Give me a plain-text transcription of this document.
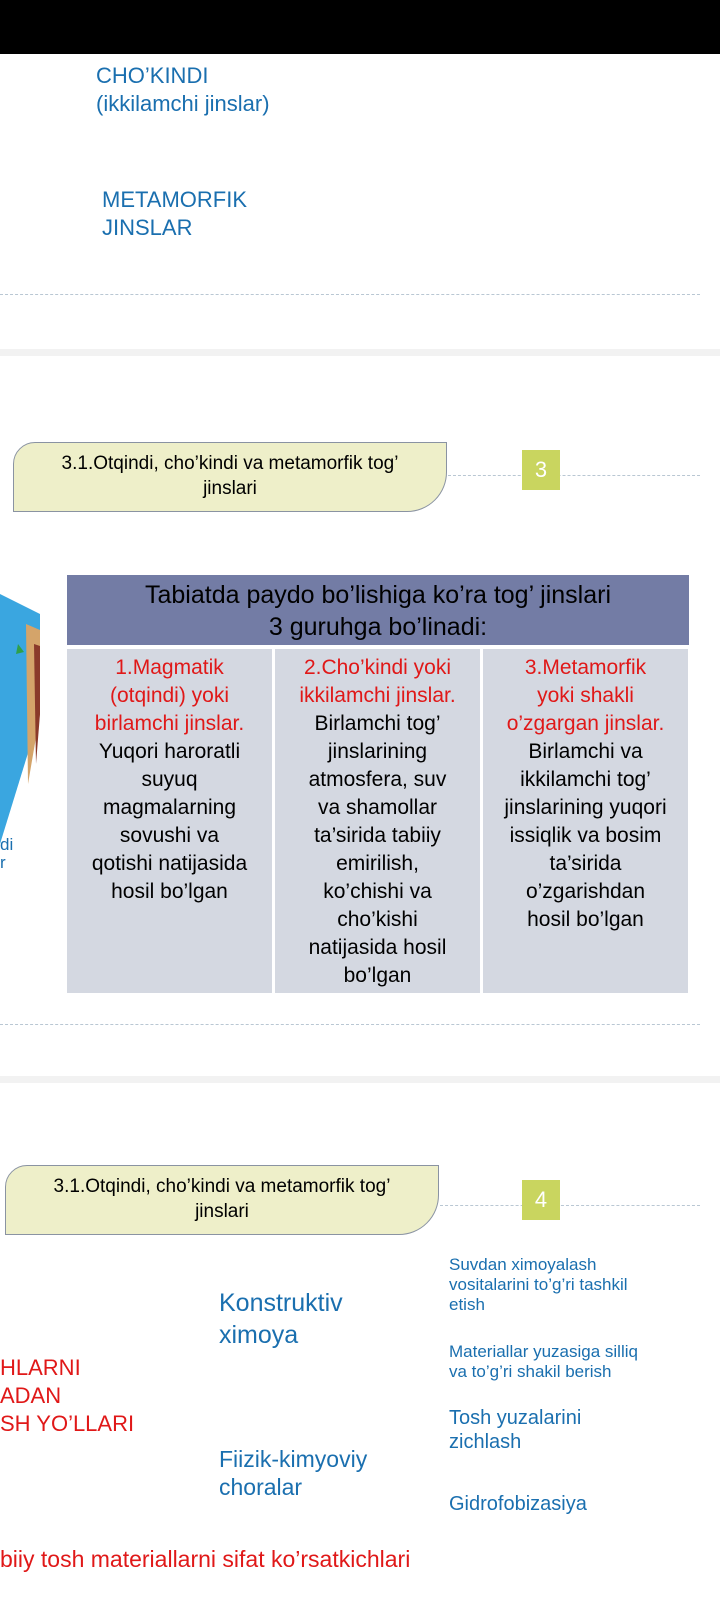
CHO’KINDI
(ikkilamchi jinslar)
METAMORFIK
JINSLAR
3.1.Otqindi, cho’kindi va metamorfik tog’
jinslari
3
di
r
Tabiatda paydo bo’lishiga ko’ra tog’ jinslari
3 guruhga bo’linadi:
1.Magmatik
(otqindi) yoki
birlamchi jinslar.
Yuqori haroratli
suyuq
magmalarning
sovushi va
qotishi natijasida
hosil bo’lgan
2.Cho’kindi yoki
ikkilamchi jinslar.
Birlamchi tog’
jinslarining
atmosfera, suv
va shamollar
ta’sirida tabiiy
emirilish,
ko’chishi va
cho’kishi
natijasida hosil
bo’lgan
3.Metamorfik
yoki shakli
o’zgargan jinslar.
Birlamchi va
ikkilamchi tog’
jinslarining yuqori
issiqlik va bosim
ta’sirida
o’zgarishdan
hosil bo’lgan
3.1.Otqindi, cho’kindi va metamorfik tog’
jinslari	4
HLARNI
ADAN
SH YO’LLARI
Konstruktiv
ximoya
Fiizik-kimyoviy
choralar
Suvdan ximoyalash
vositalarini to’g’ri tashkil
etish
Materiallar yuzasiga silliq
va to’g’ri shakil berish
Tosh yuzalarini
zichlash
Gidrofobizasiya
biiy tosh materiallarni sifat ko’rsatkichlari
